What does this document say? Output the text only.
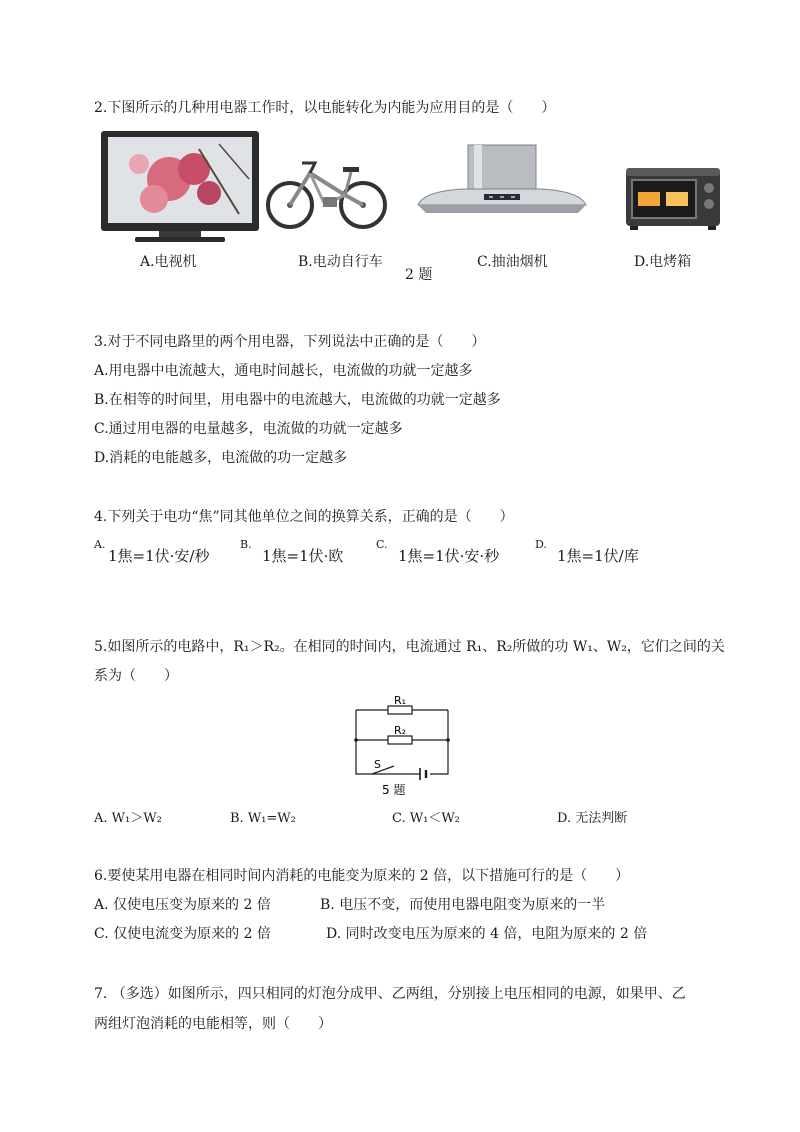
2.下图所示的几种用电器工作时，以电能转化为内能为应用目的是（　　）
A.电视机	B.电动自行车	C.抽油烟机	D.电烤箱
2 题
3.对于不同电路里的两个用电器，下列说法中正确的是（　　）
A.用电器中电流越大，通电时间越长，电流做的功就一定越多
B.在相等的时间里，用电器中的电流越大，电流做的功就一定越多
C.通过用电器的电量越多，电流做的功就一定越多
D.消耗的电能越多，电流做的功一定越多
4.下列关于电功“焦”同其他单位之间的换算关系，正确的是（　　）
A.
1焦=1伏·安/秒
B.
1焦=1伏·欧
C.
1焦=1伏·安·秒
D.
1焦=1伏/库
5.如图所示的电路中，R₁＞R₂。在相同的时间内，电流通过 R₁、R₂所做的功 W₁、W₂，它们之间的关
系为（　　）
R₁
R₂
S
5 题
A. W₁＞W₂	B. W₁=W₂	C. W₁＜W₂	D. 无法判断
6.要使某用电器在相同时间内消耗的电能变为原来的 2 倍，以下措施可行的是（　　）
A. 仅使电压变为原来的 2 倍	B. 电压不变，而使用电器电阻变为原来的一半
C. 仅使电流变为原来的 2 倍	D. 同时改变电压为原来的 4 倍，电阻为原来的 2 倍
7. （多选）如图所示，四只相同的灯泡分成甲、乙两组，分别接上电压相同的电源，如果甲、乙
两组灯泡消耗的电能相等，则（　　）
